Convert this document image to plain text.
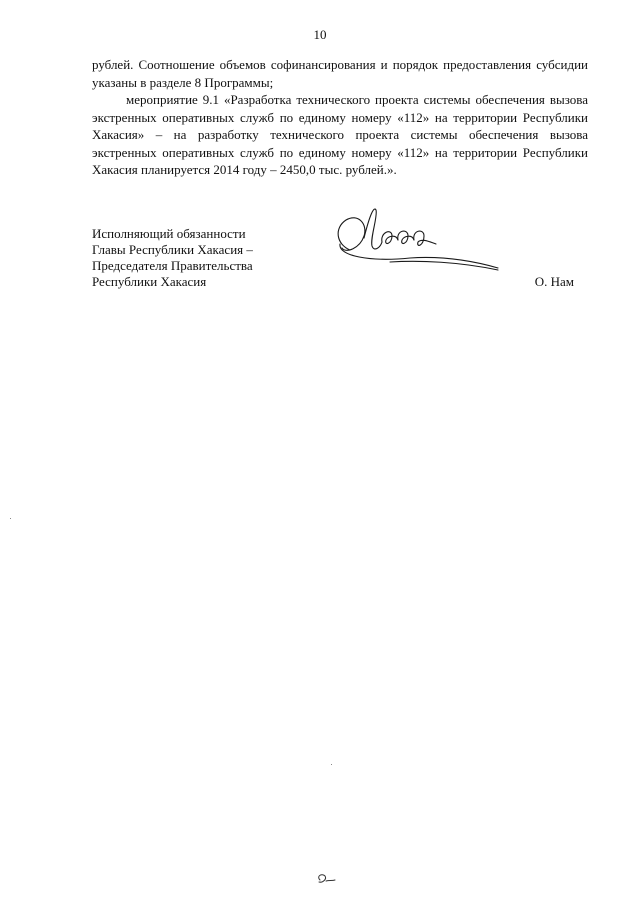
10

рублей. Соотношение объемов софинансирования и порядок предоставления субсидии указаны в разделе 8 Программы;

мероприятие 9.1 «Разработка технического проекта системы обеспечения вызова экстренных оперативных служб по единому номеру «112» на территории Республики Хакасия» – на разработку технического проекта системы обеспечения вызова экстренных оперативных служб по единому номеру «112» на территории Республики Хакасия планируется 2014 году – 2450,0 тыс. рублей.».

Исполняющий обязанности
Главы Республики Хакасия –
Председателя Правительства
Республики Хакасия	О. Нам
